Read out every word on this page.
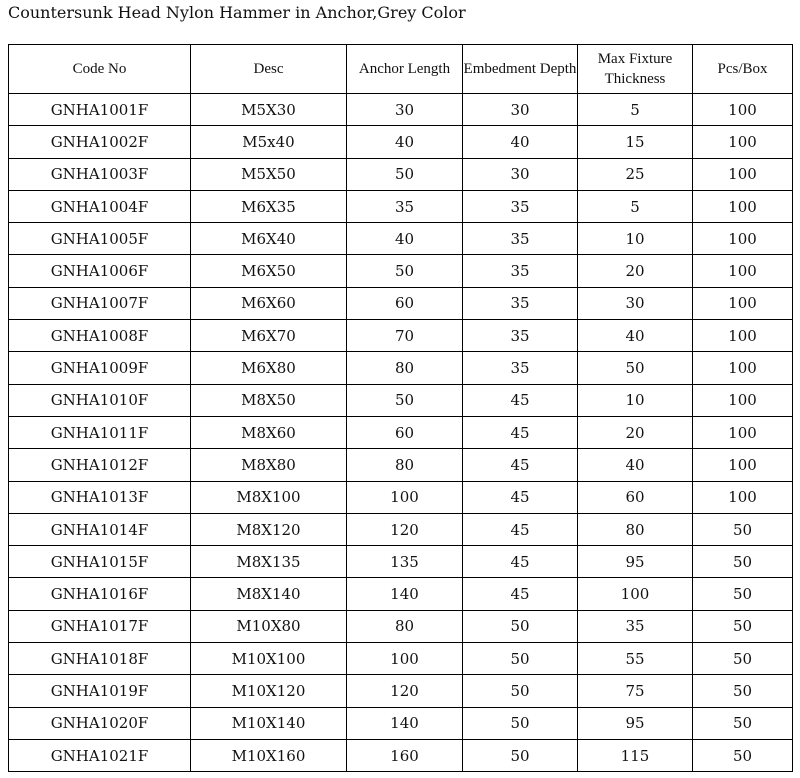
Countersunk Head Nylon Hammer in Anchor,Grey Color
Code No	Desc	Anchor Length	Embedment Depth	Max Fixture Thickness	Pcs/Box
GNHA1001F	M5X30	30	30	5	100
GNHA1002F	M5x40	40	40	15	100
GNHA1003F	M5X50	50	30	25	100
GNHA1004F	M6X35	35	35	5	100
GNHA1005F	M6X40	40	35	10	100
GNHA1006F	M6X50	50	35	20	100
GNHA1007F	M6X60	60	35	30	100
GNHA1008F	M6X70	70	35	40	100
GNHA1009F	M6X80	80	35	50	100
GNHA1010F	M8X50	50	45	10	100
GNHA1011F	M8X60	60	45	20	100
GNHA1012F	M8X80	80	45	40	100
GNHA1013F	M8X100	100	45	60	100
GNHA1014F	M8X120	120	45	80	50
GNHA1015F	M8X135	135	45	95	50
GNHA1016F	M8X140	140	45	100	50
GNHA1017F	M10X80	80	50	35	50
GNHA1018F	M10X100	100	50	55	50
GNHA1019F	M10X120	120	50	75	50
GNHA1020F	M10X140	140	50	95	50
GNHA1021F	M10X160	160	50	115	50
